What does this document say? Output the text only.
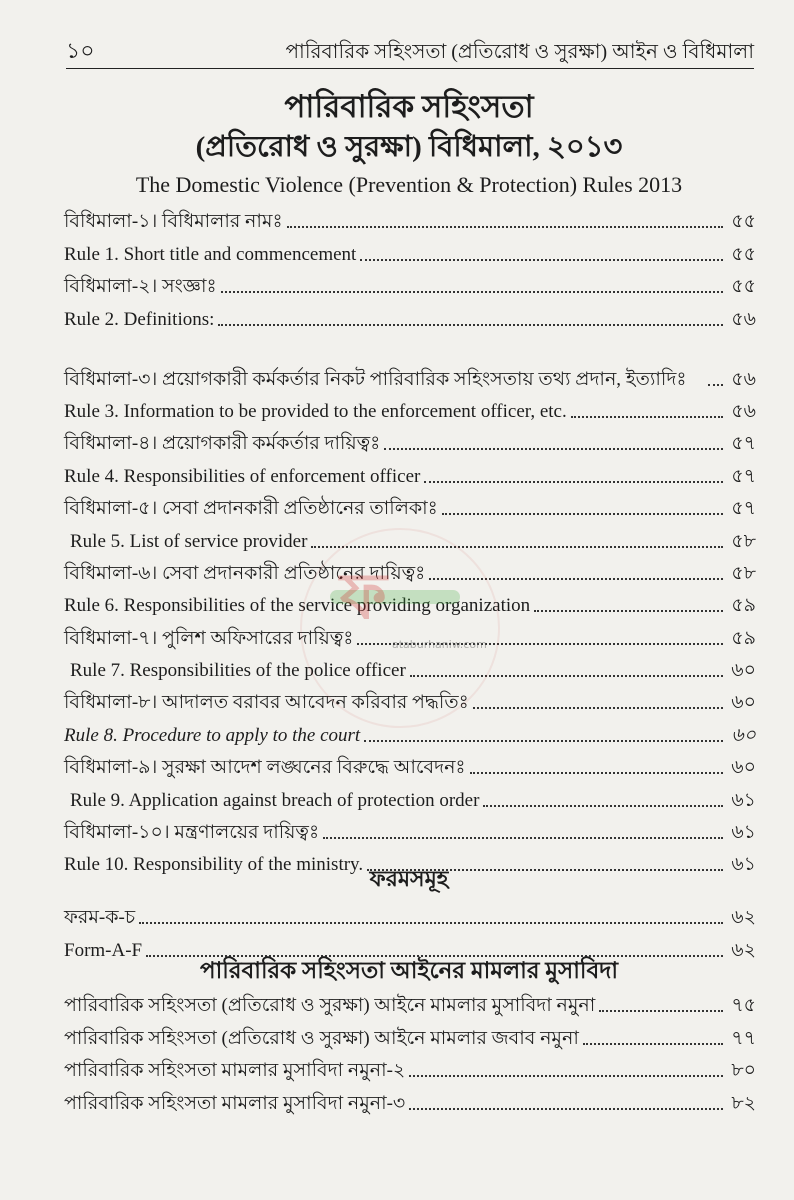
১০	পারিবারিক সহিংসতা (প্রতিরোধ ও সুরক্ষা) আইন ও বিধিমালা
পারিবারিক সহিংসতা
(প্রতিরোধ ও সুরক্ষা) বিধিমালা, ২০১৩
The Domestic Violence (Prevention & Protection) Rules 2013
বিধিমালা-১। বিধিমালার নামঃ	৫৫
Rule 1. Short title and commencement	৫৫
বিধিমালা-২। সংজ্ঞাঃ	৫৫
Rule 2. Definitions:	৫৬
বিধিমালা-৩। প্রয়োগকারী কর্মকর্তার নিকট পারিবারিক সহিংসতায় তথ্য প্রদান, ইত্যাদিঃ	৫৬
Rule 3. Information to be provided to the enforcement officer, etc.	৫৬
বিধিমালা-৪। প্রয়োগকারী কর্মকর্তার দায়িত্বঃ	৫৭
Rule 4. Responsibilities of enforcement officer	৫৭
বিধিমালা-৫। সেবা প্রদানকারী প্রতিষ্ঠানের তালিকাঃ	৫৭
Rule 5. List of service provider	৫৮
বিধিমালা-৬। সেবা প্রদানকারী প্রতিষ্ঠানের দায়িত্বঃ	৫৮
Rule 6. Responsibilities of the service providing organization	৫৯
বিধিমালা-৭। পুলিশ অফিসারের দায়িত্বঃ	৫৯
Rule 7. Responsibilities of the police officer	৬০
বিধিমালা-৮। আদালত বরাবর আবেদন করিবার পদ্ধতিঃ	৬০
Rule 8. Procedure to apply to the court	৬০
বিধিমালা-৯। সুরক্ষা আদেশ লঙ্ঘনের বিরুদ্ধে আবেদনঃ	৬০
Rule 9. Application against breach of protection order	৬১
বিধিমালা-১০। মন্ত্রণালয়ের দায়িত্বঃ	৬১
Rule 10. Responsibility of the ministry.	৬১
ফরমসমূহ
ফরম-ক-চ	৬২
Form-A-F	৬২
পারিবারিক সহিংসতা আইনের মামলার মুসাবিদা
পারিবারিক সহিংসতা (প্রতিরোধ ও সুরক্ষা) আইনে মামলার মুসাবিদা নমুনা	৭৫
পারিবারিক সহিংসতা (প্রতিরোধ ও সুরক্ষা) আইনে মামলার জবাব নমুনা	৭৭
পারিবারিক সহিংসতা মামলার মুসাবিদা নমুনা-২	৮০
পারিবারিক সহিংসতা মামলার মুসাবিদা নমুনা-৩	৮২
ফ
ataburhaniw.com
